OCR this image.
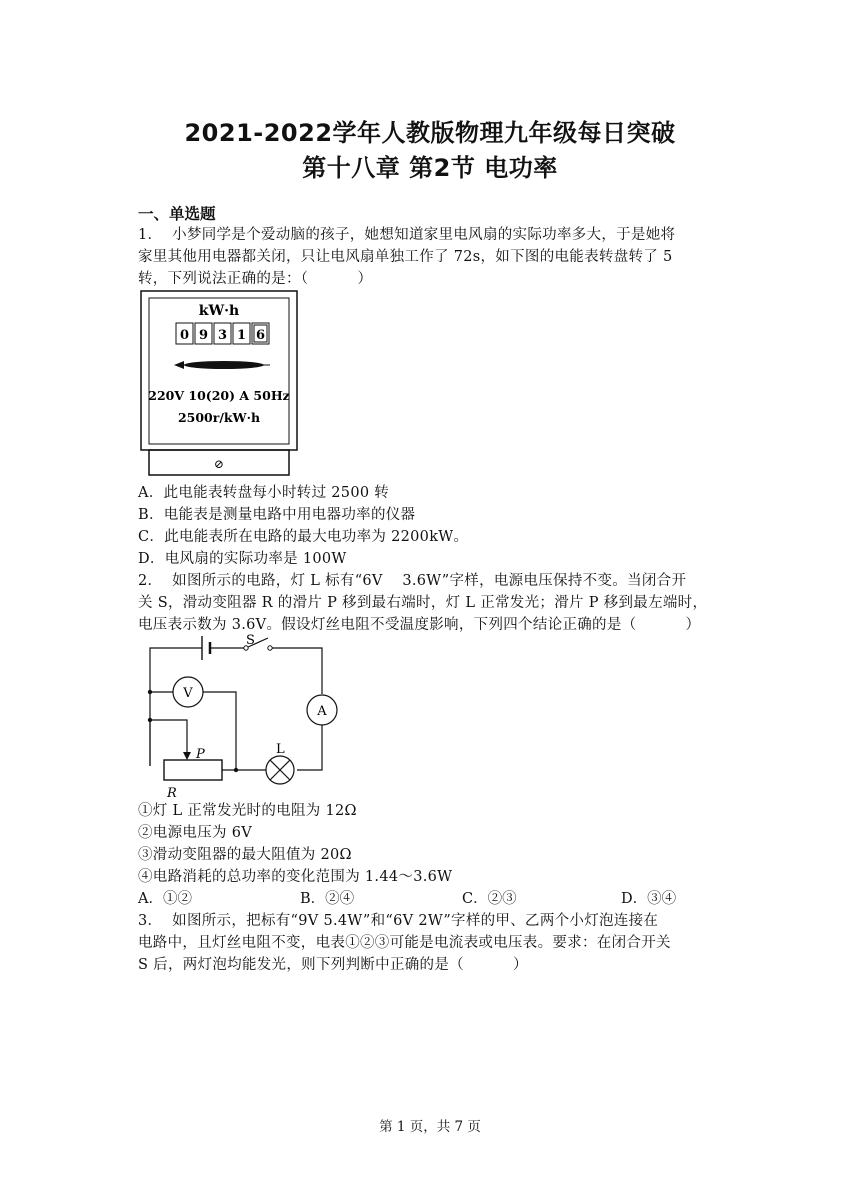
2021-2022学年人教版物理九年级每日突破
第十八章 第2节 电功率
一、单选题
1．  小梦同学是个爱动脑的孩子，她想知道家里电风扇的实际功率多大，于是她将
家里其他用电器都关闭，只让电风扇单独工作了 72s，如下图的电能表转盘转了 5
转，下列说法正确的是：（          ）
kW·h
0 9 3 1 6
220V 10(20) A 50Hz
2500r/kW·h
⊘
A．此电能表转盘每小时转过 2500 转
B．电能表是测量电路中用电器功率的仪器
C．此电能表所在电路的最大电功率为 2200kW。
D．电风扇的实际功率是 100W
2．  如图所示的电路，灯 L 标有“6V    3.6W”字样，电源电压保持不变。当闭合开
关 S，滑动变阻器 R 的滑片 P 移到最右端时，灯 L 正常发光；滑片 P 移到最左端时，
电压表示数为 3.6V。假设灯丝电阻不受温度影响，下列四个结论正确的是（          ）
S
A
L
V
P
R
①灯 L 正常发光时的电阻为 12Ω
②电源电压为 6V
③滑动变阻器的最大阻值为 20Ω
④电路消耗的总功率的变化范围为 1.44～3.6W
A．①②	B．②④	C．②③	D．③④
3．  如图所示，把标有“9V 5.4W”和“6V 2W”字样的甲、乙两个小灯泡连接在
电路中，且灯丝电阻不变，电表①②③可能是电流表或电压表。要求：在闭合开关
S 后，两灯泡均能发光，则下列判断中正确的是（          ）
第 1 页，共 7 页
